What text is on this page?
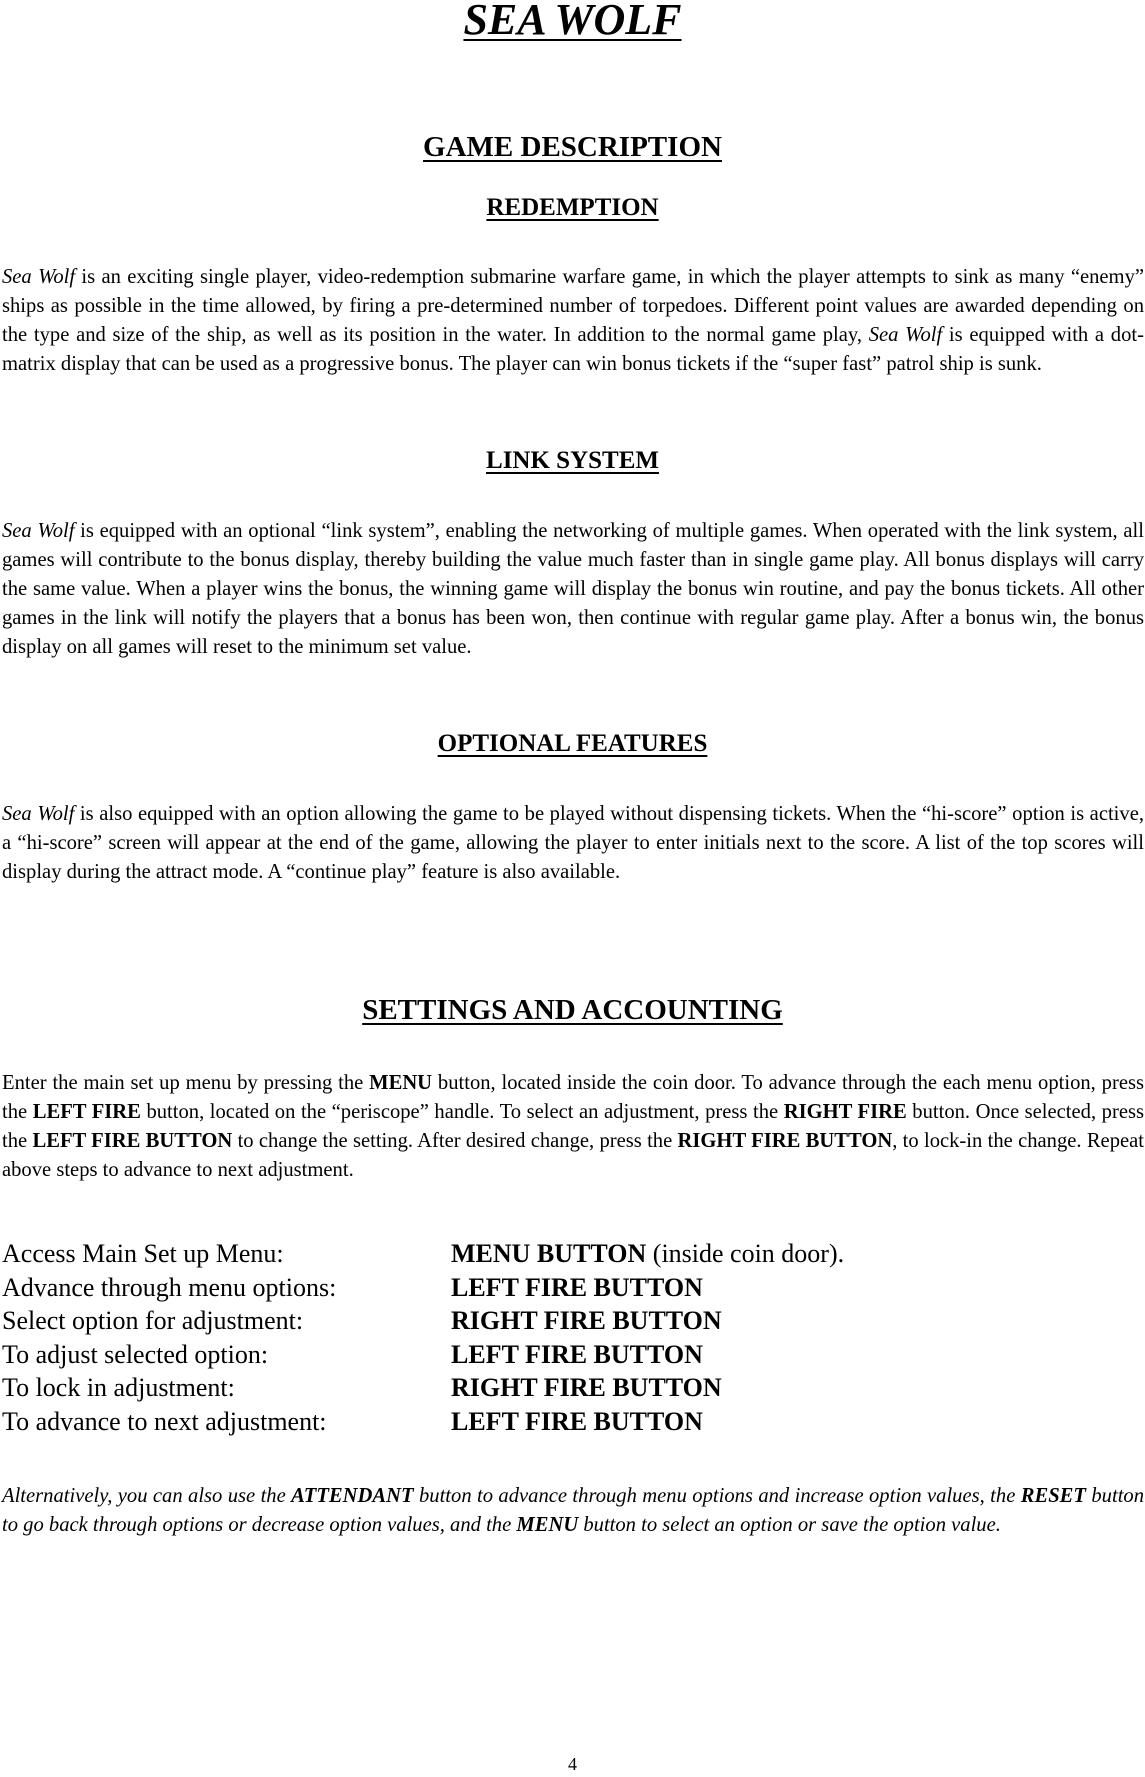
SEA WOLF
GAME DESCRIPTION
REDEMPTION

Sea Wolf is an exciting single player, video-redemption submarine warfare game, in which the player attempts to sink as many “enemy” ships as possible in the time allowed, by firing a pre-determined number of torpedoes. Different point values are awarded depending on the type and size of the ship, as well as its position in the water. In addition to the normal game play, Sea Wolf is equipped with a dot-matrix display that can be used as a progressive bonus. The player can win bonus tickets if the “super fast” patrol ship is sunk.

LINK SYSTEM

Sea Wolf is equipped with an optional “link system”, enabling the networking of multiple games. When operated with the link system, all games will contribute to the bonus display, thereby building the value much faster than in single game play. All bonus displays will carry the same value. When a player wins the bonus, the winning game will display the bonus win routine, and pay the bonus tickets. All other games in the link will notify the players that a bonus has been won, then continue with regular game play. After a bonus win, the bonus display on all games will reset to the minimum set value.

OPTIONAL FEATURES

Sea Wolf is also equipped with an option allowing the game to be played without dispensing tickets. When the “hi-score” option is active, a “hi-score” screen will appear at the end of the game, allowing the player to enter initials next to the score. A list of the top scores will display during the attract mode. A “continue play” feature is also available.

SETTINGS AND ACCOUNTING

Enter the main set up menu by pressing the MENU button, located inside the coin door. To advance through the each menu option, press the LEFT FIRE button, located on the “periscope” handle. To select an adjustment, press the RIGHT FIRE button. Once selected, press the LEFT FIRE BUTTON to change the setting. After desired change, press the RIGHT FIRE BUTTON, to lock-in the change. Repeat above steps to advance to next adjustment.

Access Main Set up Menu:	MENU BUTTON (inside coin door).
Advance through menu options:	LEFT FIRE BUTTON
Select option for adjustment:	RIGHT FIRE BUTTON
To adjust selected option:	LEFT FIRE BUTTON
To lock in adjustment:	RIGHT FIRE BUTTON
To advance to next adjustment:	LEFT FIRE BUTTON

Alternatively, you can also use the ATTENDANT button to advance through menu options and increase option values, the RESET button to go back through options or decrease option values, and the MENU button to select an option or save the option value.

4
